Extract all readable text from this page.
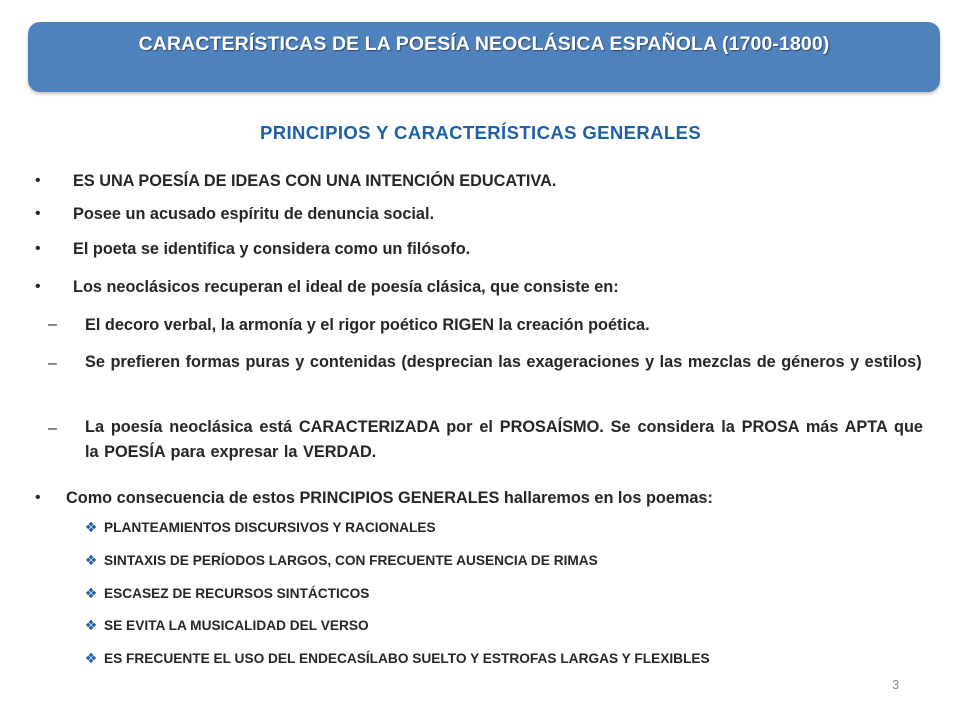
CARACTERÍSTICAS DE LA POESÍA NEOCLÁSICA ESPAÑOLA (1700-1800)
PRINCIPIOS Y CARACTERÍSTICAS GENERALES
• ES UNA POESÍA DE IDEAS CON UNA INTENCIÓN EDUCATIVA.
• Posee un acusado espíritu de denuncia social.
• El poeta se identifica y considera como un filósofo.
• Los neoclásicos recuperan el ideal de poesía clásica, que consiste en:
– El decoro verbal, la armonía y el rigor poético RIGEN la creación poética.
– Se prefieren formas puras y contenidas (desprecian las exageraciones y las mezclas de géneros y estilos)
– La poesía neoclásica está CARACTERIZADA por el PROSAÍSMO. Se considera la PROSA más APTA que la POESÍA para expresar la VERDAD.
• Como consecuencia de estos PRINCIPIOS GENERALES hallaremos en los poemas:
❖ PLANTEAMIENTOS DISCURSIVOS Y RACIONALES
❖ SINTAXIS DE PERÍODOS LARGOS, CON FRECUENTE AUSENCIA DE RIMAS
❖ ESCASEZ DE RECURSOS SINTÁCTICOS
❖ SE EVITA LA MUSICALIDAD DEL VERSO
❖ ES FRECUENTE EL USO DEL ENDECASÍLABO SUELTO Y ESTROFAS LARGAS Y FLEXIBLES
3
